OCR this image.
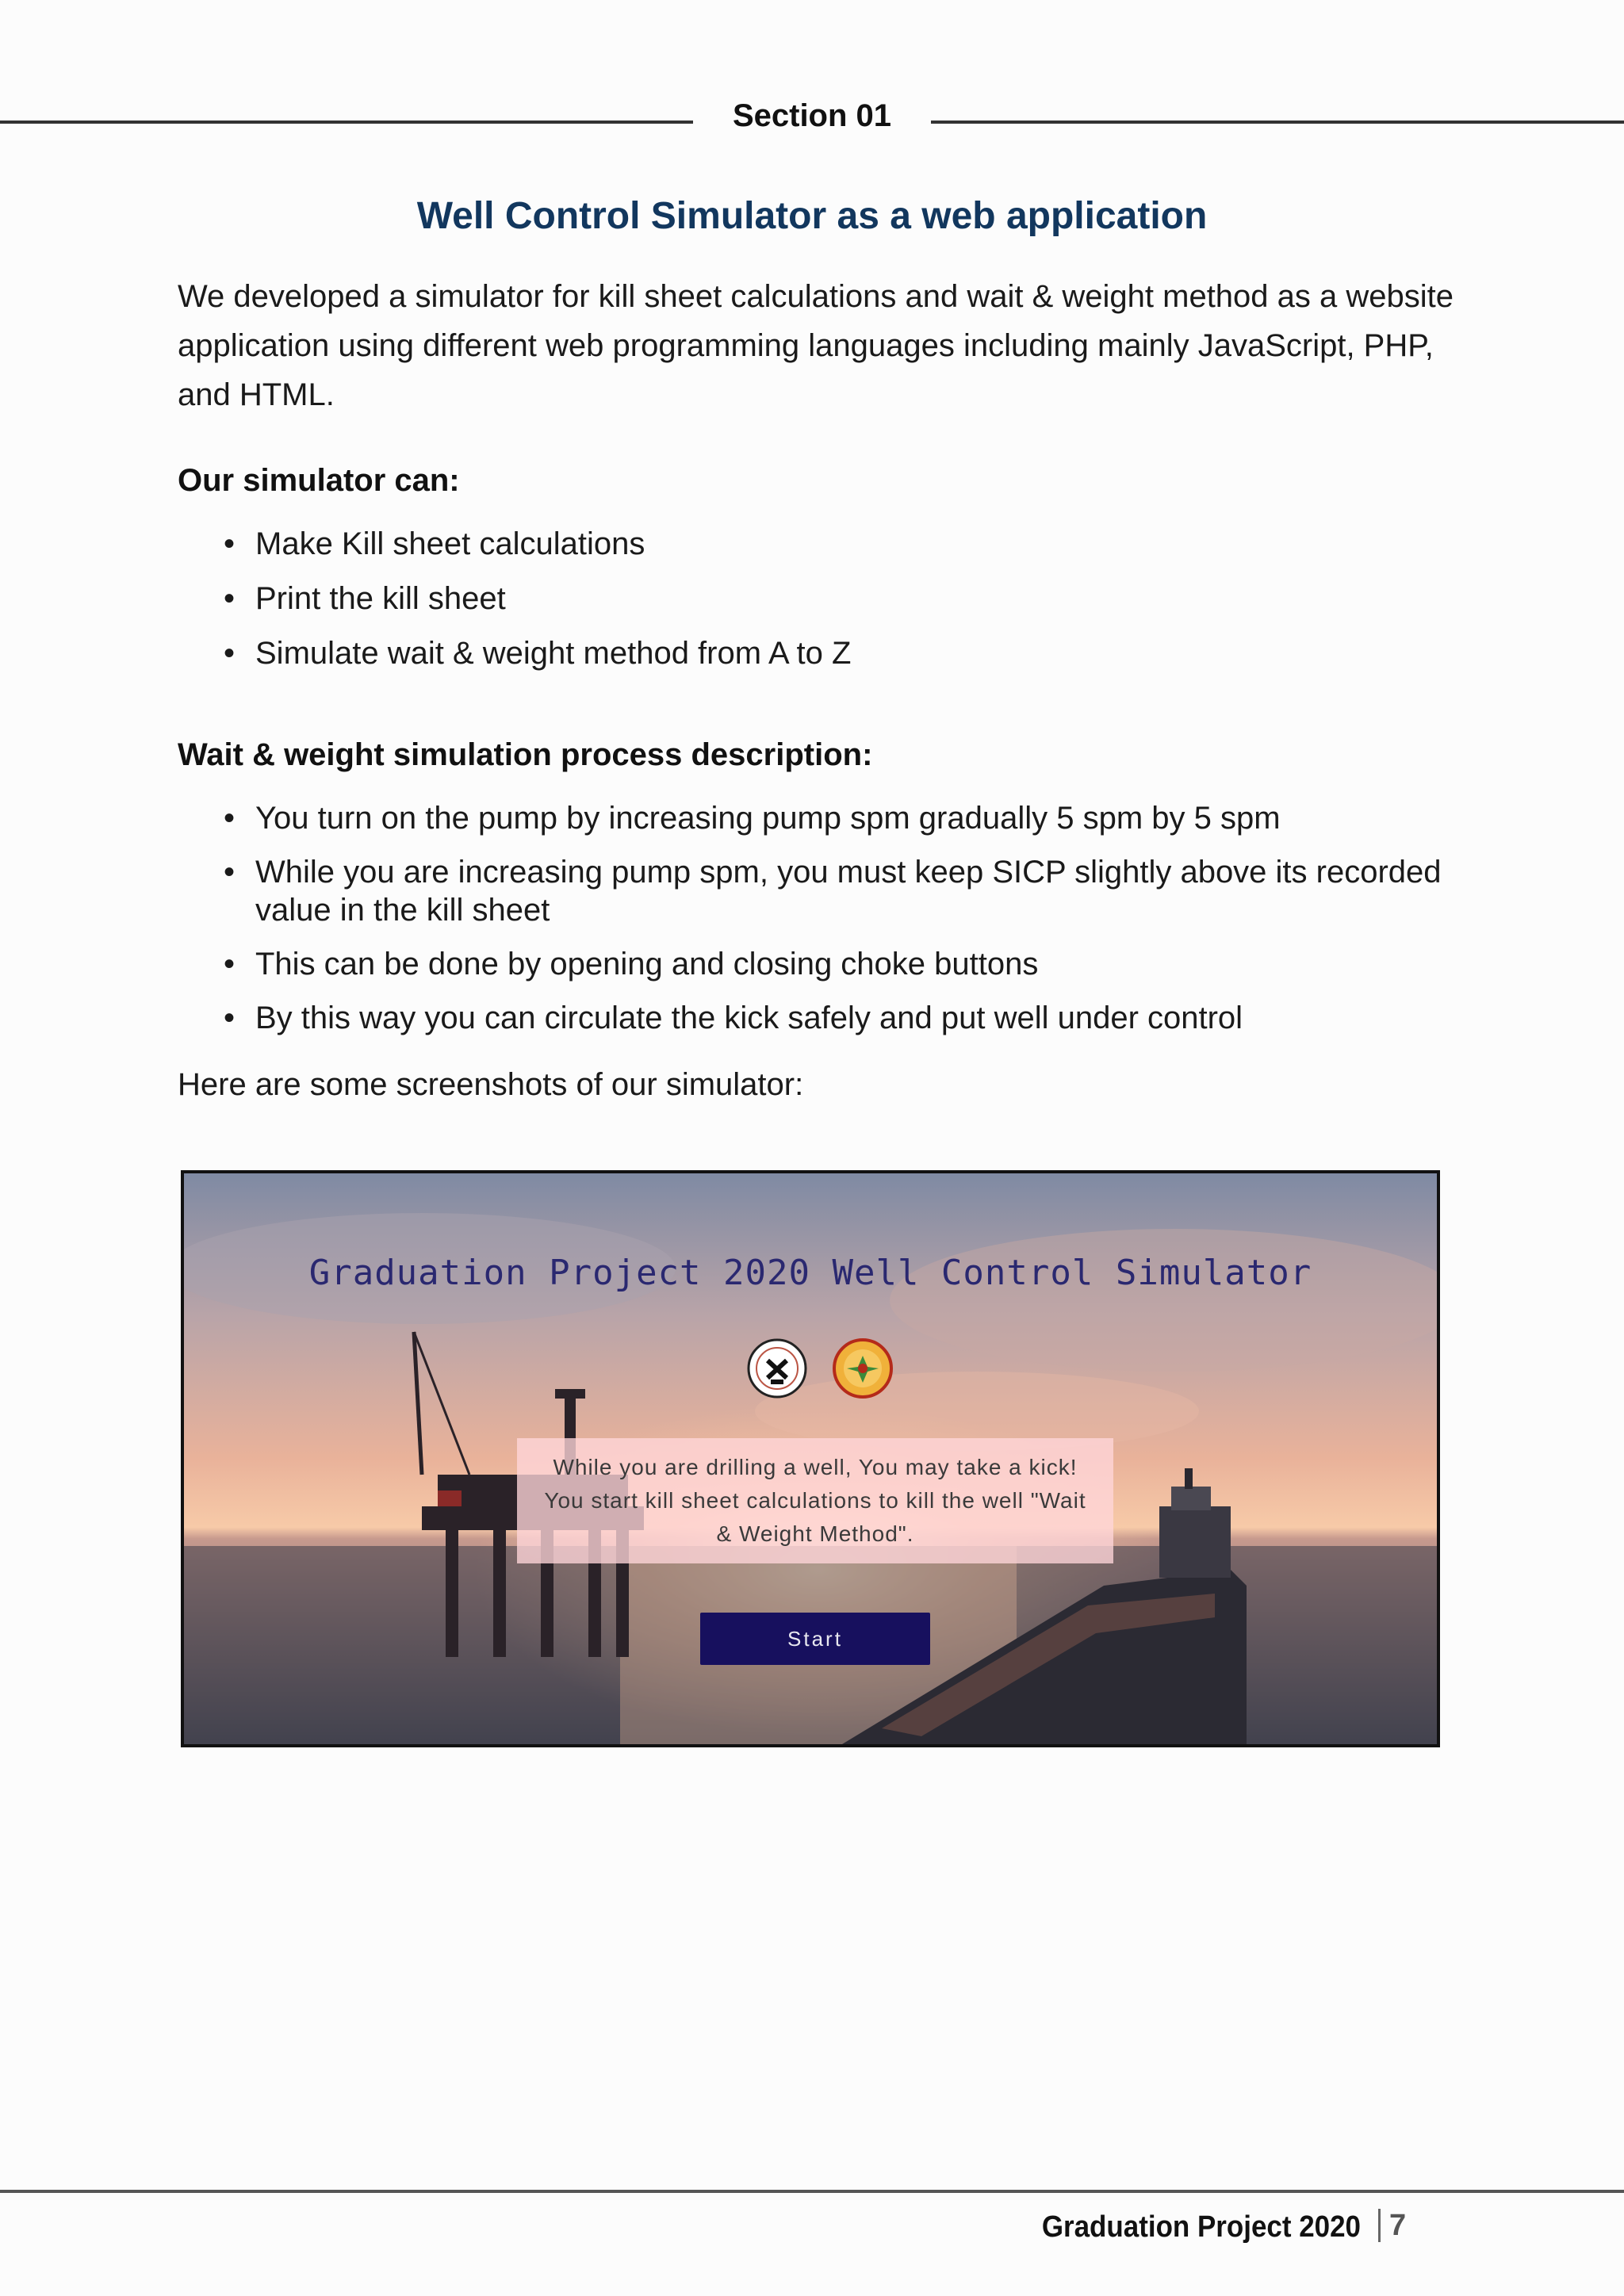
Section 01
Well Control Simulator as a web application

We developed a simulator for kill sheet calculations and wait & weight method as a website application using different web programming languages including mainly JavaScript, PHP, and HTML.

Our simulator can:
• Make Kill sheet calculations
• Print the kill sheet
• Simulate wait & weight method from A to Z
Wait & weight simulation process description:
• You turn on the pump by increasing pump spm gradually 5 spm by 5 spm
• While you are increasing pump spm, you must keep SICP slightly above its recorded value in the kill sheet
• This can be done by opening and closing choke buttons
• By this way you can circulate the kick safely and put well under control
Here are some screenshots of our simulator:
Graduation Project 2020 Well Control Simulator
While you are drilling a well, You may take a kick! You start kill sheet calculations to kill the well "Wait & Weight Method".
Start
Graduation Project 2020 7
